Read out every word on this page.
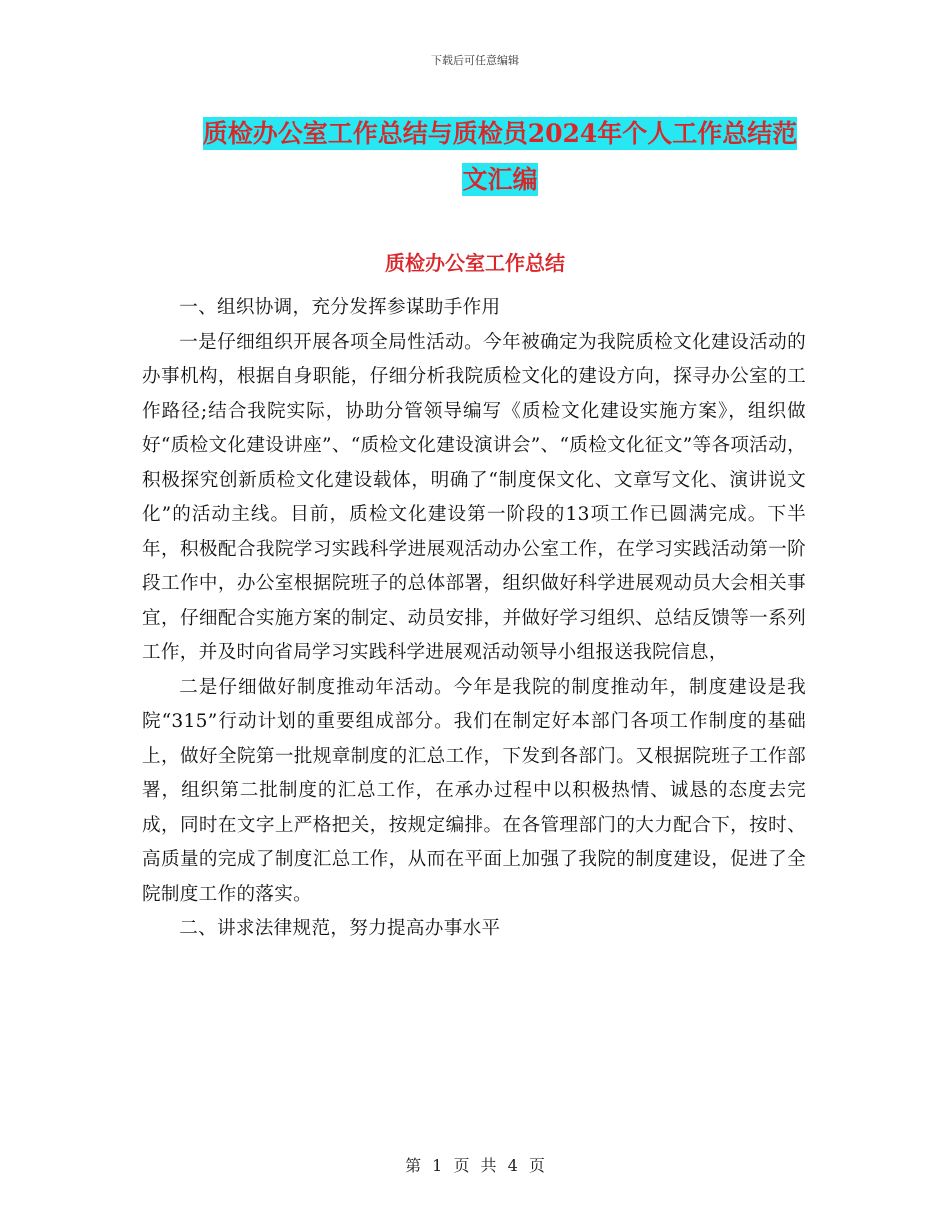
下载后可任意编辑
质检办公室工作总结与质检员2024年个人工作总结范
文汇编
质检办公室工作总结

一、组织协调，充分发挥参谋助手作用

一是仔细组织开展各项全局性活动。今年被确定为我院质检文化建设活动的办事机构，根据自身职能，仔细分析我院质检文化的建设方向，探寻办公室的工作路径;结合我院实际，协助分管领导编写《质检文化建设实施方案》，组织做好“质检文化建设讲座”、“质检文化建设演讲会”、“质检文化征文”等各项活动，积极探究创新质检文化建设载体，明确了“制度保文化、文章写文化、演讲说文化”的活动主线。目前，质检文化建设第一阶段的13项工作已圆满完成。下半年，积极配合我院学习实践科学进展观活动办公室工作，在学习实践活动第一阶段工作中，办公室根据院班子的总体部署，组织做好科学进展观动员大会相关事宜，仔细配合实施方案的制定、动员安排，并做好学习组织、总结反馈等一系列工作，并及时向省局学习实践科学进展观活动领导小组报送我院信息，

二是仔细做好制度推动年活动。今年是我院的制度推动年，制度建设是我院“315”行动计划的重要组成部分。我们在制定好本部门各项工作制度的基础上，做好全院第一批规章制度的汇总工作，下发到各部门。又根据院班子工作部署，组织第二批制度的汇总工作，在承办过程中以积极热情、诚恳的态度去完成，同时在文字上严格把关，按规定编排。在各管理部门的大力配合下，按时、高质量的完成了制度汇总工作，从而在平面上加强了我院的制度建设，促进了全院制度工作的落实。

二、讲求法律规范，努力提高办事水平

第 1 页 共 4 页
